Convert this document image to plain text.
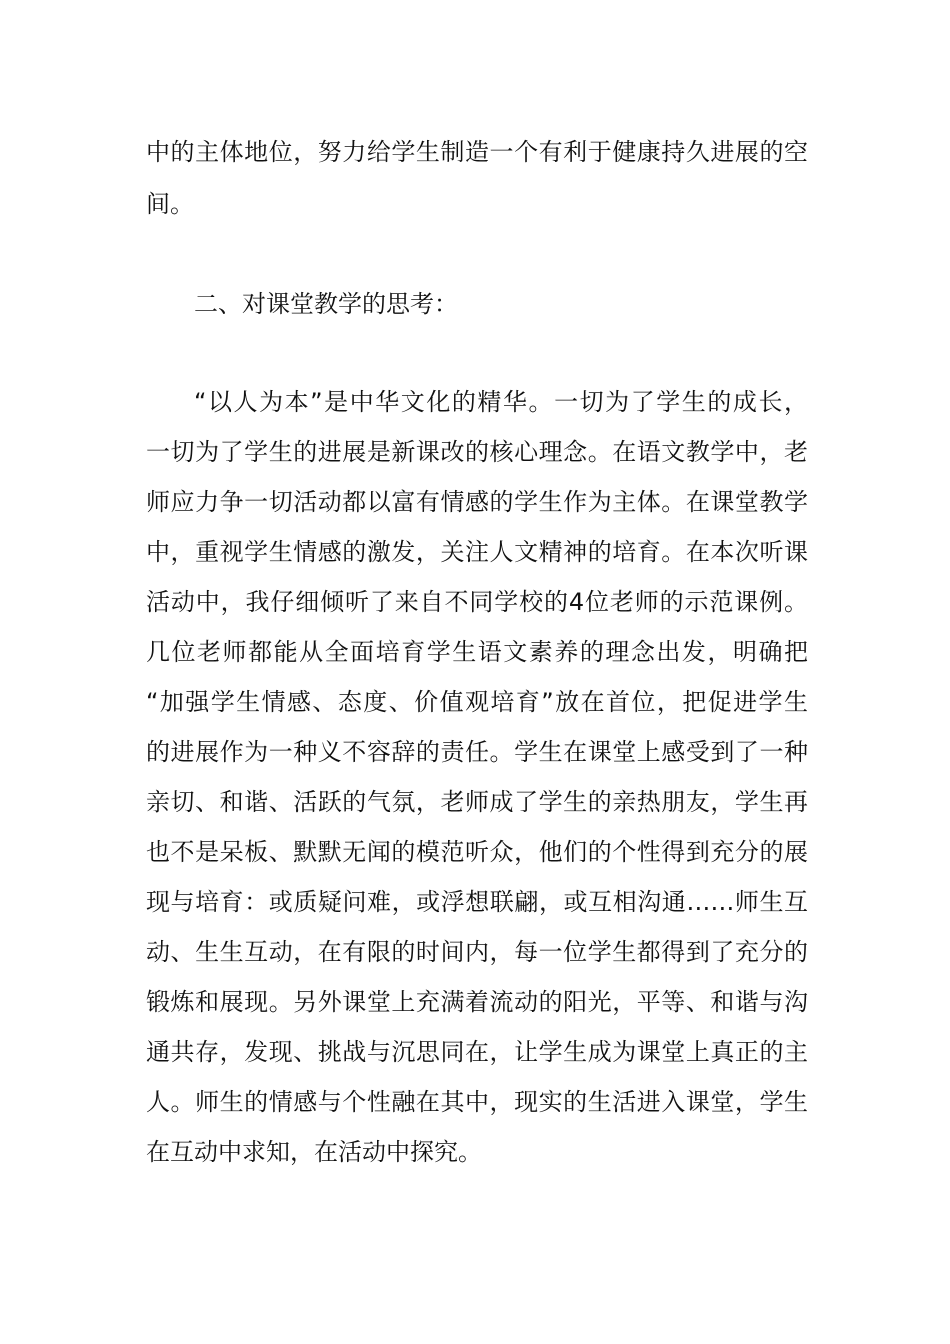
中的主体地位，努力给学生制造一个有利于健康持久进展的空
间。
二、对课堂教学的思考：
“以人为本”是中华文化的精华。一切为了学生的成长，
一切为了学生的进展是新课改的核心理念。在语文教学中，老
师应力争一切活动都以富有情感的学生作为主体。在课堂教学
中，重视学生情感的激发，关注人文精神的培育。在本次听课
活动中，我仔细倾听了来自不同学校的4位老师的示范课例。
几位老师都能从全面培育学生语文素养的理念出发，明确把
“加强学生情感、态度、价值观培育”放在首位，把促进学生
的进展作为一种义不容辞的责任。学生在课堂上感受到了一种
亲切、和谐、活跃的气氛，老师成了学生的亲热朋友，学生再
也不是呆板、默默无闻的模范听众，他们的个性得到充分的展
现与培育：或质疑问难，或浮想联翩，或互相沟通……师生互
动、生生互动，在有限的时间内，每一位学生都得到了充分的
锻炼和展现。另外课堂上充满着流动的阳光，平等、和谐与沟
通共存，发现、挑战与沉思同在，让学生成为课堂上真正的主
人。师生的情感与个性融在其中，现实的生活进入课堂，学生
在互动中求知，在活动中探究。
